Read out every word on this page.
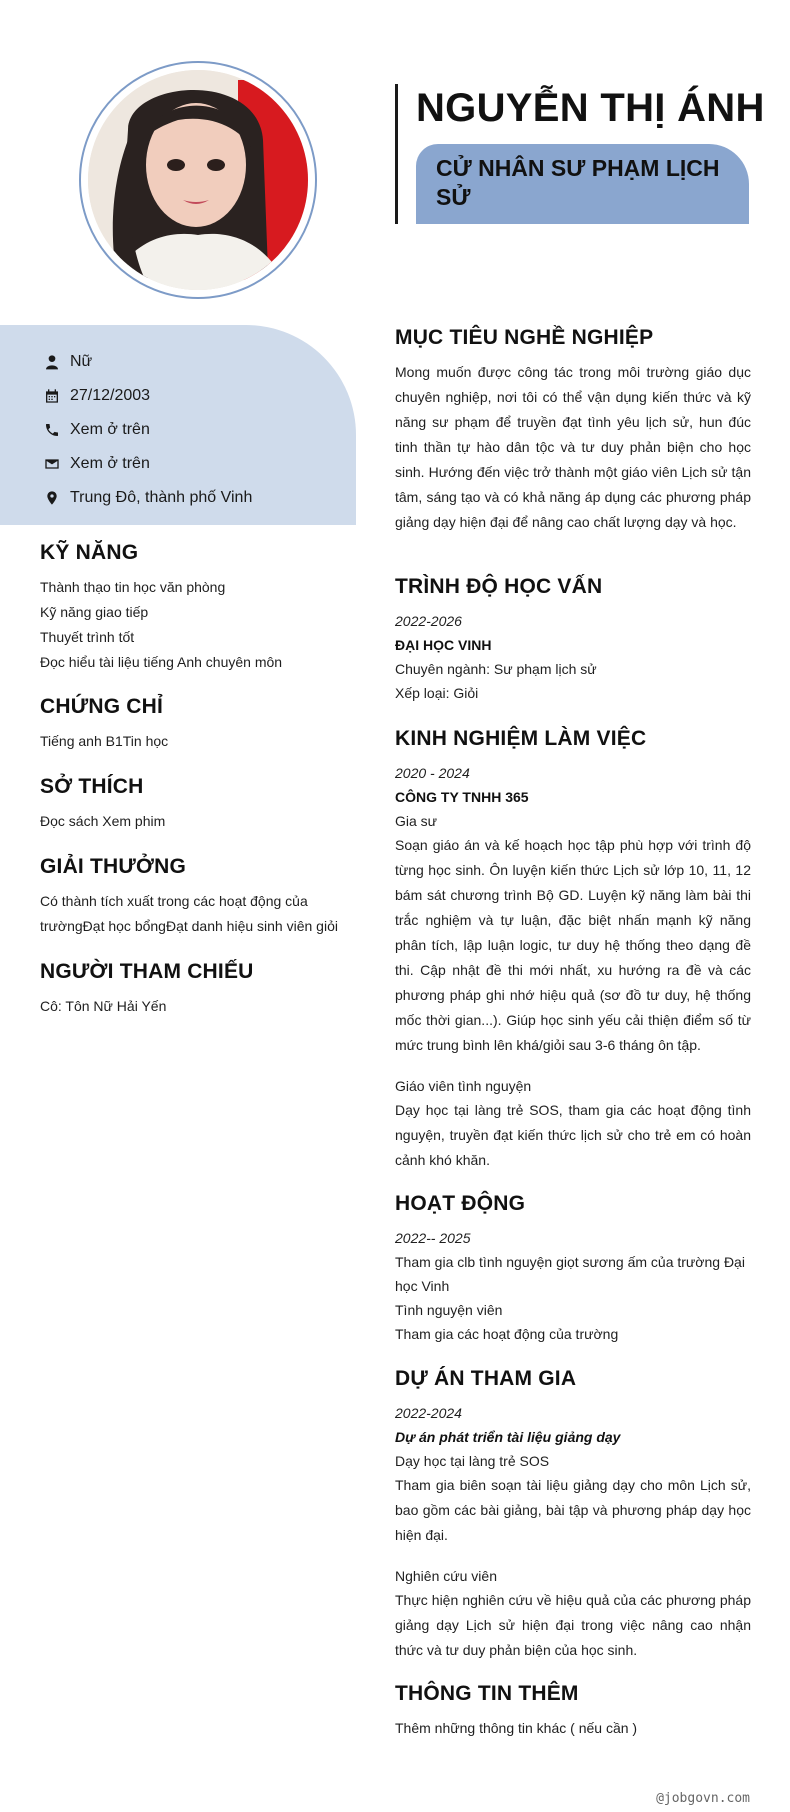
Nữ
27/12/2003
Xem ở trên
Xem ở trên
Trung Đô, thành phố Vinh
KỸ NĂNG
Thành thạo tin học văn phòng
Kỹ năng giao tiếp
Thuyết trình tốt
Đọc hiểu tài liệu tiếng Anh chuyên môn
CHỨNG CHỈ
Tiếng anh B1Tin học
SỞ THÍCH
Đọc sách Xem phim
GIẢI THƯỞNG
Có thành tích xuất trong các hoạt động của trườngĐạt học bổngĐạt danh hiệu sinh viên giỏi
NGƯỜI THAM CHIẾU
Cô: Tôn Nữ Hải Yến
NGUYỄN THỊ ÁNH
CỬ NHÂN SƯ PHẠM LỊCH SỬ
MỤC TIÊU NGHỀ NGHIỆP
Mong muốn được công tác trong môi trường giáo dục chuyên nghiệp, nơi tôi có thể vận dụng kiến thức và kỹ năng sư phạm để truyền đạt tình yêu lịch sử, hun đúc tinh thần tự hào dân tộc và tư duy phản biện cho học sinh. Hướng đến việc trở thành một giáo viên Lịch sử tận tâm, sáng tạo và có khả năng áp dụng các phương pháp giảng dạy hiện đại để nâng cao chất lượng dạy và học.
TRÌNH ĐỘ HỌC VẤN
2022-2026
ĐẠI HỌC VINH
Chuyên ngành: Sư phạm lịch sử
Xếp loại: Giỏi
KINH NGHIỆM LÀM VIỆC
2020 - 2024
CÔNG TY TNHH 365
Gia sư
Soạn giáo án và kế hoạch học tập phù hợp với trình độ từng học sinh. Ôn luyện kiến thức Lịch sử lớp 10, 11, 12 bám sát chương trình Bộ GD. Luyện kỹ năng làm bài thi trắc nghiệm và tự luận, đặc biệt nhấn mạnh kỹ năng phân tích, lập luận logic, tư duy hệ thống theo dạng đề thi. Cập nhật đề thi mới nhất, xu hướng ra đề và các phương pháp ghi nhớ hiệu quả (sơ đồ tư duy, hệ thống mốc thời gian...). Giúp học sinh yếu cải thiện điểm số từ mức trung bình lên khá/giỏi sau 3-6 tháng ôn tập.
Giáo viên tình nguyện
Dạy học tại làng trẻ SOS, tham gia các hoạt động tình nguyện, truyền đạt kiến thức lịch sử cho trẻ em có hoàn cảnh khó khăn.
HOẠT ĐỘNG
2022-- 2025
Tham gia clb tình nguyện giọt sương ấm của trường Đại học Vinh
Tình nguyện viên
Tham gia các hoạt động của trường
DỰ ÁN THAM GIA
2022-2024
Dự án phát triển tài liệu giảng dạy
Dạy học tại làng trẻ SOS
Tham gia biên soạn tài liệu giảng dạy cho môn Lịch sử, bao gồm các bài giảng, bài tập và phương pháp dạy học hiện đại.
Nghiên cứu viên
Thực hiện nghiên cứu về hiệu quả của các phương pháp giảng dạy Lịch sử hiện đại trong việc nâng cao nhận thức và tư duy phản biện của học sinh.
THÔNG TIN THÊM
Thêm những thông tin khác ( nếu cần )
@jobgovn.com
